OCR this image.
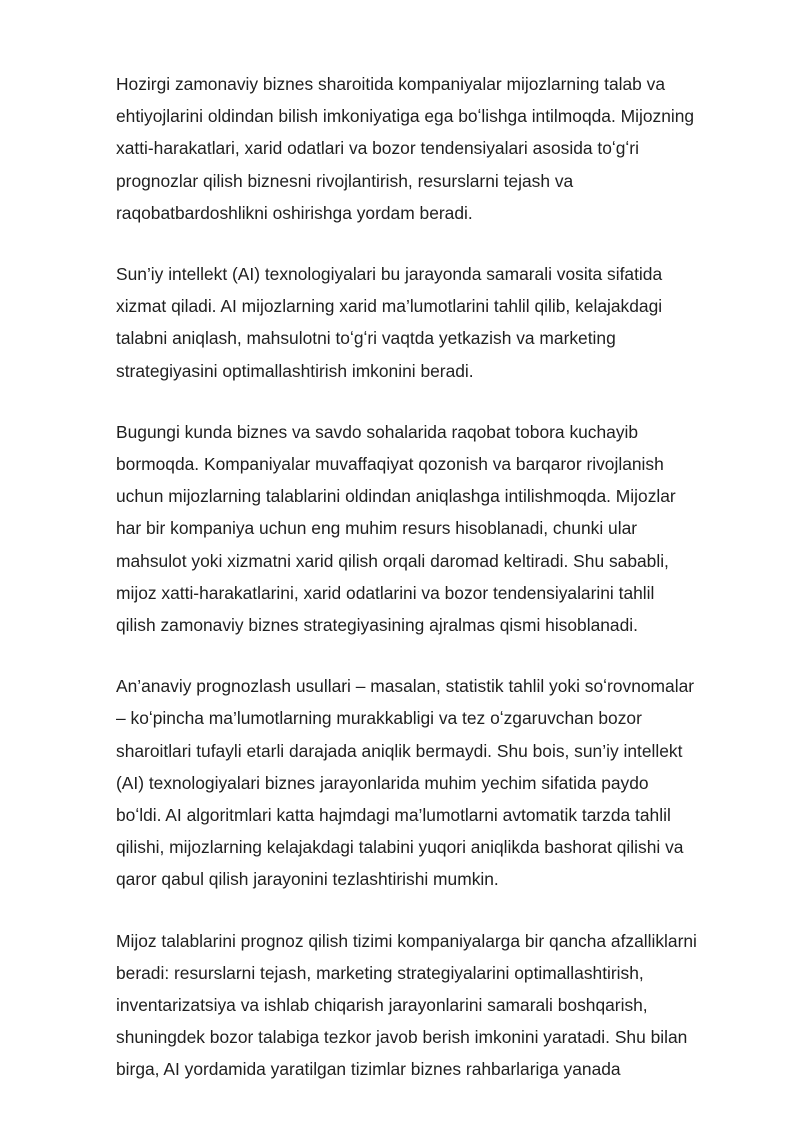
Hozirgi zamonaviy biznes sharoitida kompaniyalar mijozlarning talab va
ehtiyojlarini oldindan bilish imkoniyatiga ega boʻlishga intilmoqda. Mijozning
xatti-harakatlari, xarid odatlari va bozor tendensiyalari asosida toʻgʻri
prognozlar qilish biznesni rivojlantirish, resurslarni tejash va
raqobatbardoshlikni oshirishga yordam beradi.

Sun’iy intellekt (AI) texnologiyalari bu jarayonda samarali vosita sifatida
xizmat qiladi. AI mijozlarning xarid ma’lumotlarini tahlil qilib, kelajakdagi
talabni aniqlash, mahsulotni toʻgʻri vaqtda yetkazish va marketing
strategiyasini optimallashtirish imkonini beradi.

Bugungi kunda biznes va savdo sohalarida raqobat tobora kuchayib
bormoqda. Kompaniyalar muvaffaqiyat qozonish va barqaror rivojlanish
uchun mijozlarning talablarini oldindan aniqlashga intilishmoqda. Mijozlar
har bir kompaniya uchun eng muhim resurs hisoblanadi, chunki ular
mahsulot yoki xizmatni xarid qilish orqali daromad keltiradi. Shu sababli,
mijoz xatti-harakatlarini, xarid odatlarini va bozor tendensiyalarini tahlil
qilish zamonaviy biznes strategiyasining ajralmas qismi hisoblanadi.

An’anaviy prognozlash usullari – masalan, statistik tahlil yoki soʻrovnomalar
– koʻpincha ma’lumotlarning murakkabligi va tez oʻzgaruvchan bozor
sharoitlari tufayli etarli darajada aniqlik bermaydi. Shu bois, sun’iy intellekt
(AI) texnologiyalari biznes jarayonlarida muhim yechim sifatida paydo
boʻldi. AI algoritmlari katta hajmdagi ma’lumotlarni avtomatik tarzda tahlil
qilishi, mijozlarning kelajakdagi talabini yuqori aniqlikda bashorat qilishi va
qaror qabul qilish jarayonini tezlashtirishi mumkin.

Mijoz talablarini prognoz qilish tizimi kompaniyalarga bir qancha afzalliklarni
beradi: resurslarni tejash, marketing strategiyalarini optimallashtirish,
inventarizatsiya va ishlab chiqarish jarayonlarini samarali boshqarish,
shuningdek bozor talabiga tezkor javob berish imkonini yaratadi. Shu bilan
birga, AI yordamida yaratilgan tizimlar biznes rahbarlariga yanada
